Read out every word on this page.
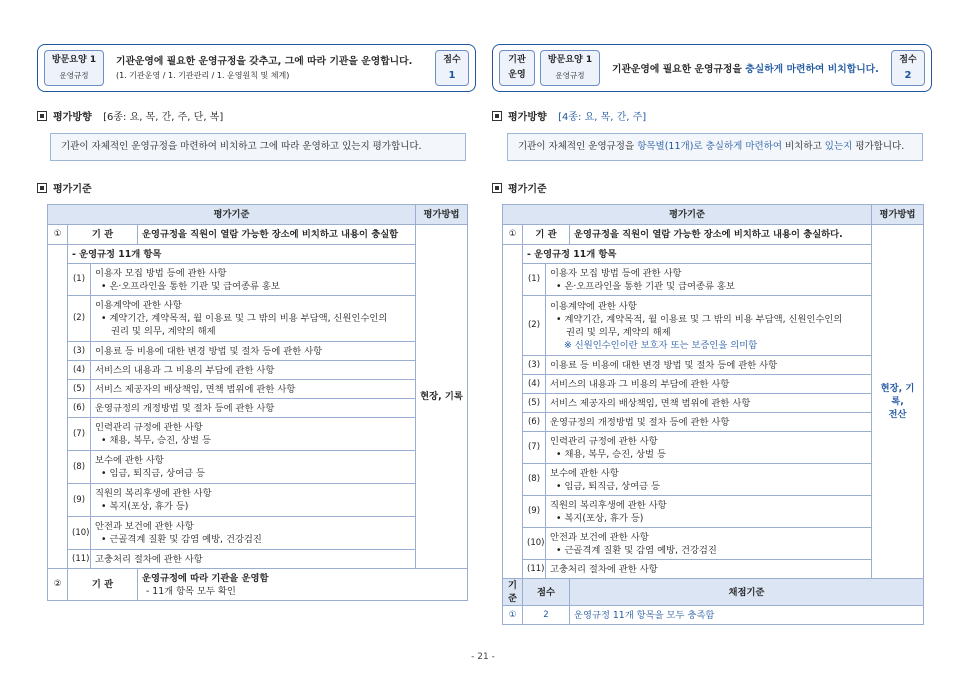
방문요양 1
운영규정
기관운영에 필요한 운영규정을 갖추고, 그에 따라 기관을 운영합니다.
(1. 기관운영 / 1. 기관관리 / 1. 운영원칙 및 체계)
점수
1
평가방향 [6종: 요, 목, 간, 주, 단, 복]
기관이 자체적인 운영규정을 마련하여 비치하고 그에 따라 운영하고 있는지 평가합니다.
평가기준
평가기준				평가방법
①	기 관		운영규정을 직원이 열람 가능한 장소에 비치하고 내용이 충실함	현장, 기록
	- 운영규정 11개 항목			
	(1)	이용자 모집 방법 등에 관한 사항
• 온·오프라인을 통한 기관 및 급여종류 홍보		

	(2)	이용계약에 관한 사항
• 계약기간, 계약목적, 월 이용료 및 그 밖의 비용 부담액, 신원인수인의
권리 및 의무, 계약의 해제		

	(3)	이용료 등 비용에 대한 변경 방법 및 절차 등에 관한 사항		
	(4)	서비스의 내용과 그 비용의 부담에 관한 사항		
	(5)	서비스 제공자의 배상책임, 면책 범위에 관한 사항		
	(6)	운영규정의 개정방법 및 절차 등에 관한 사항		
	(7)	인력관리 규정에 관한 사항
• 채용, 복무, 승진, 상벌 등		

	(8)	보수에 관한 사항
• 임금, 퇴직금, 상여금 등		

	(9)	직원의 복리후생에 관한 사항
• 복지(포상, 휴가 등)		

	(10)	안전과 보건에 관한 사항
• 근골격계 질환 및 감염 예방, 건강검진		

	(11)	고충처리 절차에 관한 사항		
②	기 관		운영규정에 따라 기관을 운영함
- 11개 항목 모두 확인	
기관
운영
방문요양 1
운영규정
기관운영에 필요한 운영규정을 충실하게 마련하여 비치합니다.
점수
2
평가방향 [4종: 요, 목, 간, 주]
기관이 자체적인 운영규정을 항목별(11개)로 충실하게 마련하여 비치하고 있는지 평가합니다.
평가기준
평가기준				평가방법
①	기 관		운영규정을 직원이 열람 가능한 장소에 비치하고 내용이 충실하다.	현장, 기록,
전산

	- 운영규정 11개 항목			
	(1)	이용자 모집 방법 등에 관한 사항
• 온·오프라인을 통한 기관 및 급여종류 홍보		

	(2)	이용계약에 관한 사항
• 계약기간, 계약목적, 월 이용료 및 그 밖의 비용 부담액, 신원인수인의
권리 및 의무, 계약의 해제
※ 신원인수인이란 보호자 또는 보증인을 의미함		

	(3)	이용료 등 비용에 대한 변경 방법 및 절차 등에 관한 사항		
	(4)	서비스의 내용과 그 비용의 부담에 관한 사항		
	(5)	서비스 제공자의 배상책임, 면책 범위에 관한 사항		
	(6)	운영규정의 개정방법 및 절차 등에 관한 사항		
	(7)	인력관리 규정에 관한 사항
• 채용, 복무, 승진, 상벌 등		

	(8)	보수에 관한 사항
• 임금, 퇴직금, 상여금 등		

	(9)	직원의 복리후생에 관한 사항
• 복지(포상, 휴가 등)		

	(10)	안전과 보건에 관한 사항
• 근골격계 질환 및 감염 예방, 건강검진		

	(11)	고충처리 절차에 관한 사항		
기준	점수		채점기준	
①	2		운영규정 11개 항목을 모두 충족함	
- 21 -
